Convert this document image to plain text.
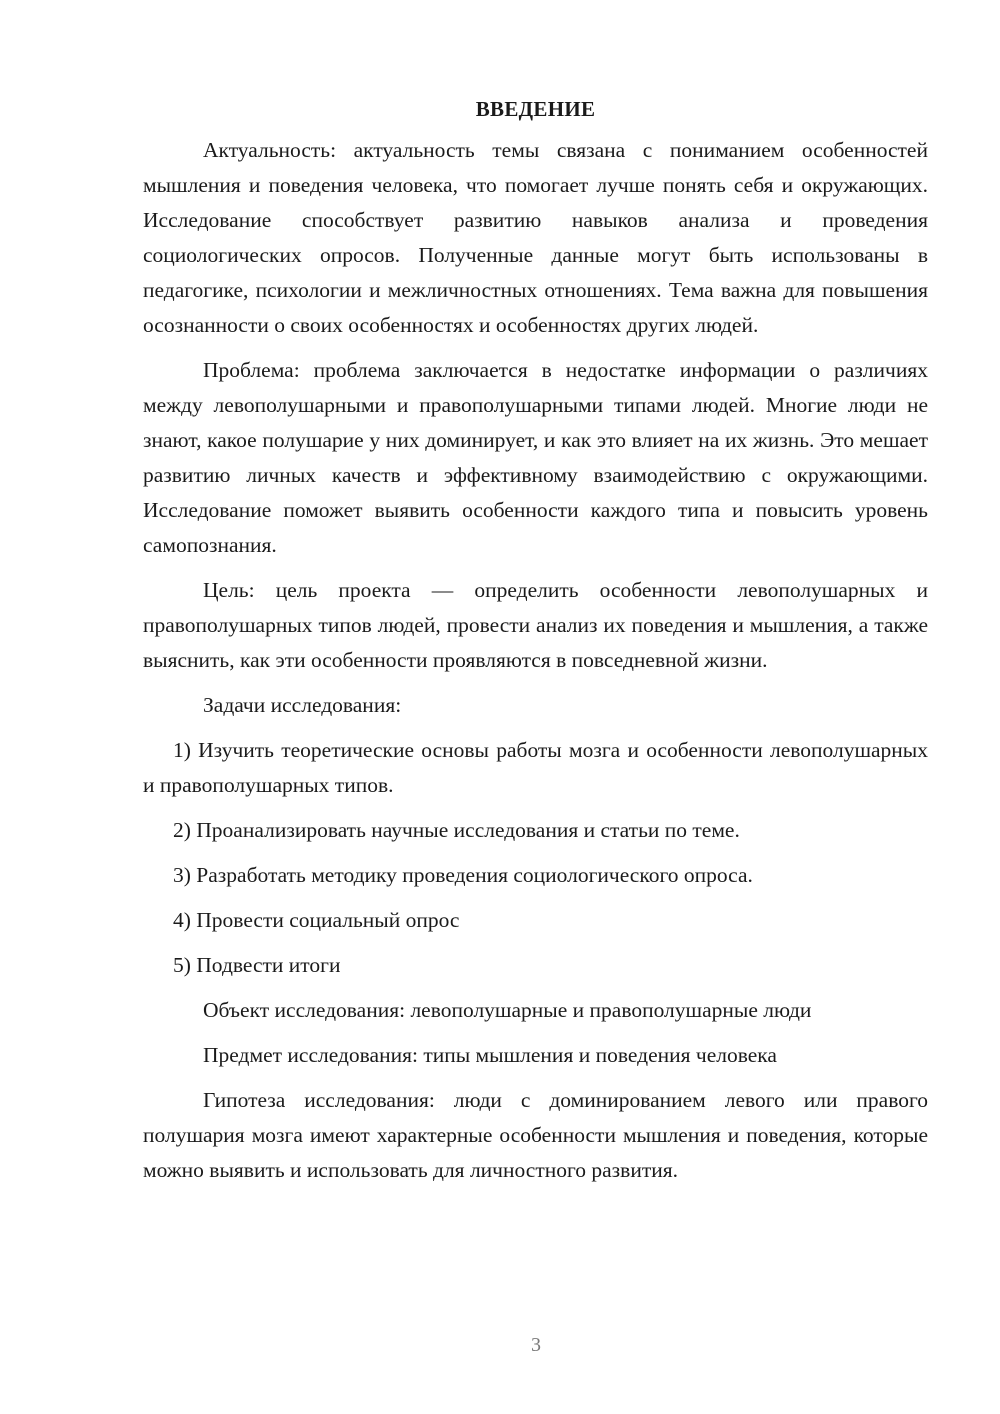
ВВЕДЕНИЕ

Актуальность: актуальность темы связана с пониманием особенностей мышления и поведения человека, что помогает лучше понять себя и окружающих. Исследование способствует развитию навыков анализа и проведения социологических опросов. Полученные данные могут быть использованы в педагогике, психологии и межличностных отношениях. Тема важна для повышения осознанности о своих особенностях и особенностях других людей.

Проблема: проблема заключается в недостатке информации о различиях между левополушарными и правополушарными типами людей. Многие люди не знают, какое полушарие у них доминирует, и как это влияет на их жизнь. Это мешает развитию личных качеств и эффективному взаимодействию с окружающими. Исследование поможет выявить особенности каждого типа и повысить уровень самопознания.

Цель: цель проекта — определить особенности левополушарных и правополушарных типов людей, провести анализ их поведения и мышления, а также выяснить, как эти особенности проявляются в повседневной жизни.

Задачи исследования:

1) Изучить теоретические основы работы мозга и особенности левополушарных и правополушарных типов.

2) Проанализировать научные исследования и статьи по теме.

3) Разработать методику проведения социологического опроса.

4) Провести социальный опрос

5) Подвести итоги

Объект исследования: левополушарные и правополушарные люди

Предмет исследования: типы мышления и поведения человека

Гипотеза исследования: люди с доминированием левого или правого полушария мозга имеют характерные особенности мышления и поведения, которые можно выявить и использовать для личностного развития.

3
